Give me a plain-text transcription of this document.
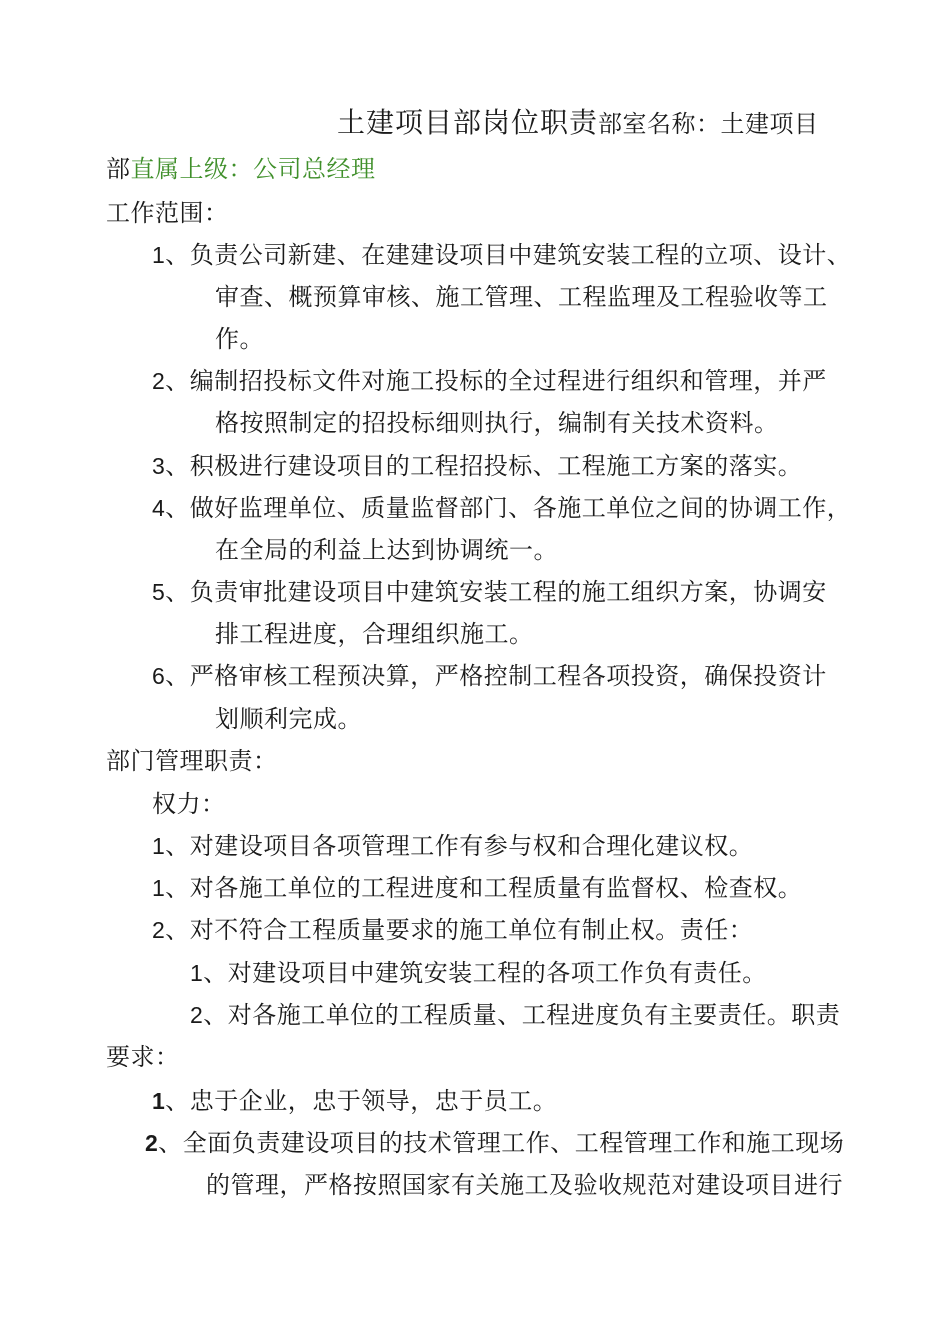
土建项目部岗位职责部室名称：土建项目
部直属上级：公司总经理
工作范围：
1、负责公司新建、在建建设项目中建筑安装工程的立项、设计、
审查、概预算审核、施工管理、工程监理及工程验收等工
作。
2、编制招投标文件对施工投标的全过程进行组织和管理，并严
格按照制定的招投标细则执行，编制有关技术资料。
3、积极进行建设项目的工程招投标、工程施工方案的落实。
4、做好监理单位、质量监督部门、各施工单位之间的协调工作，
在全局的利益上达到协调统一。
5、负责审批建设项目中建筑安装工程的施工组织方案，协调安
排工程进度，合理组织施工。
6、严格审核工程预决算，严格控制工程各项投资，确保投资计
划顺利完成。
部门管理职责：
权力：
1、对建设项目各项管理工作有参与权和合理化建议权。
1、对各施工单位的工程进度和工程质量有监督权、检查权。
2、对不符合工程质量要求的施工单位有制止权。责任：
1、对建设项目中建筑安装工程的各项工作负有责任。
2、对各施工单位的工程质量、工程进度负有主要责任。职责
要求：
1、忠于企业，忠于领导，忠于员工。
2、全面负责建设项目的技术管理工作、工程管理工作和施工现场
的管理，严格按照国家有关施工及验收规范对建设项目进行
